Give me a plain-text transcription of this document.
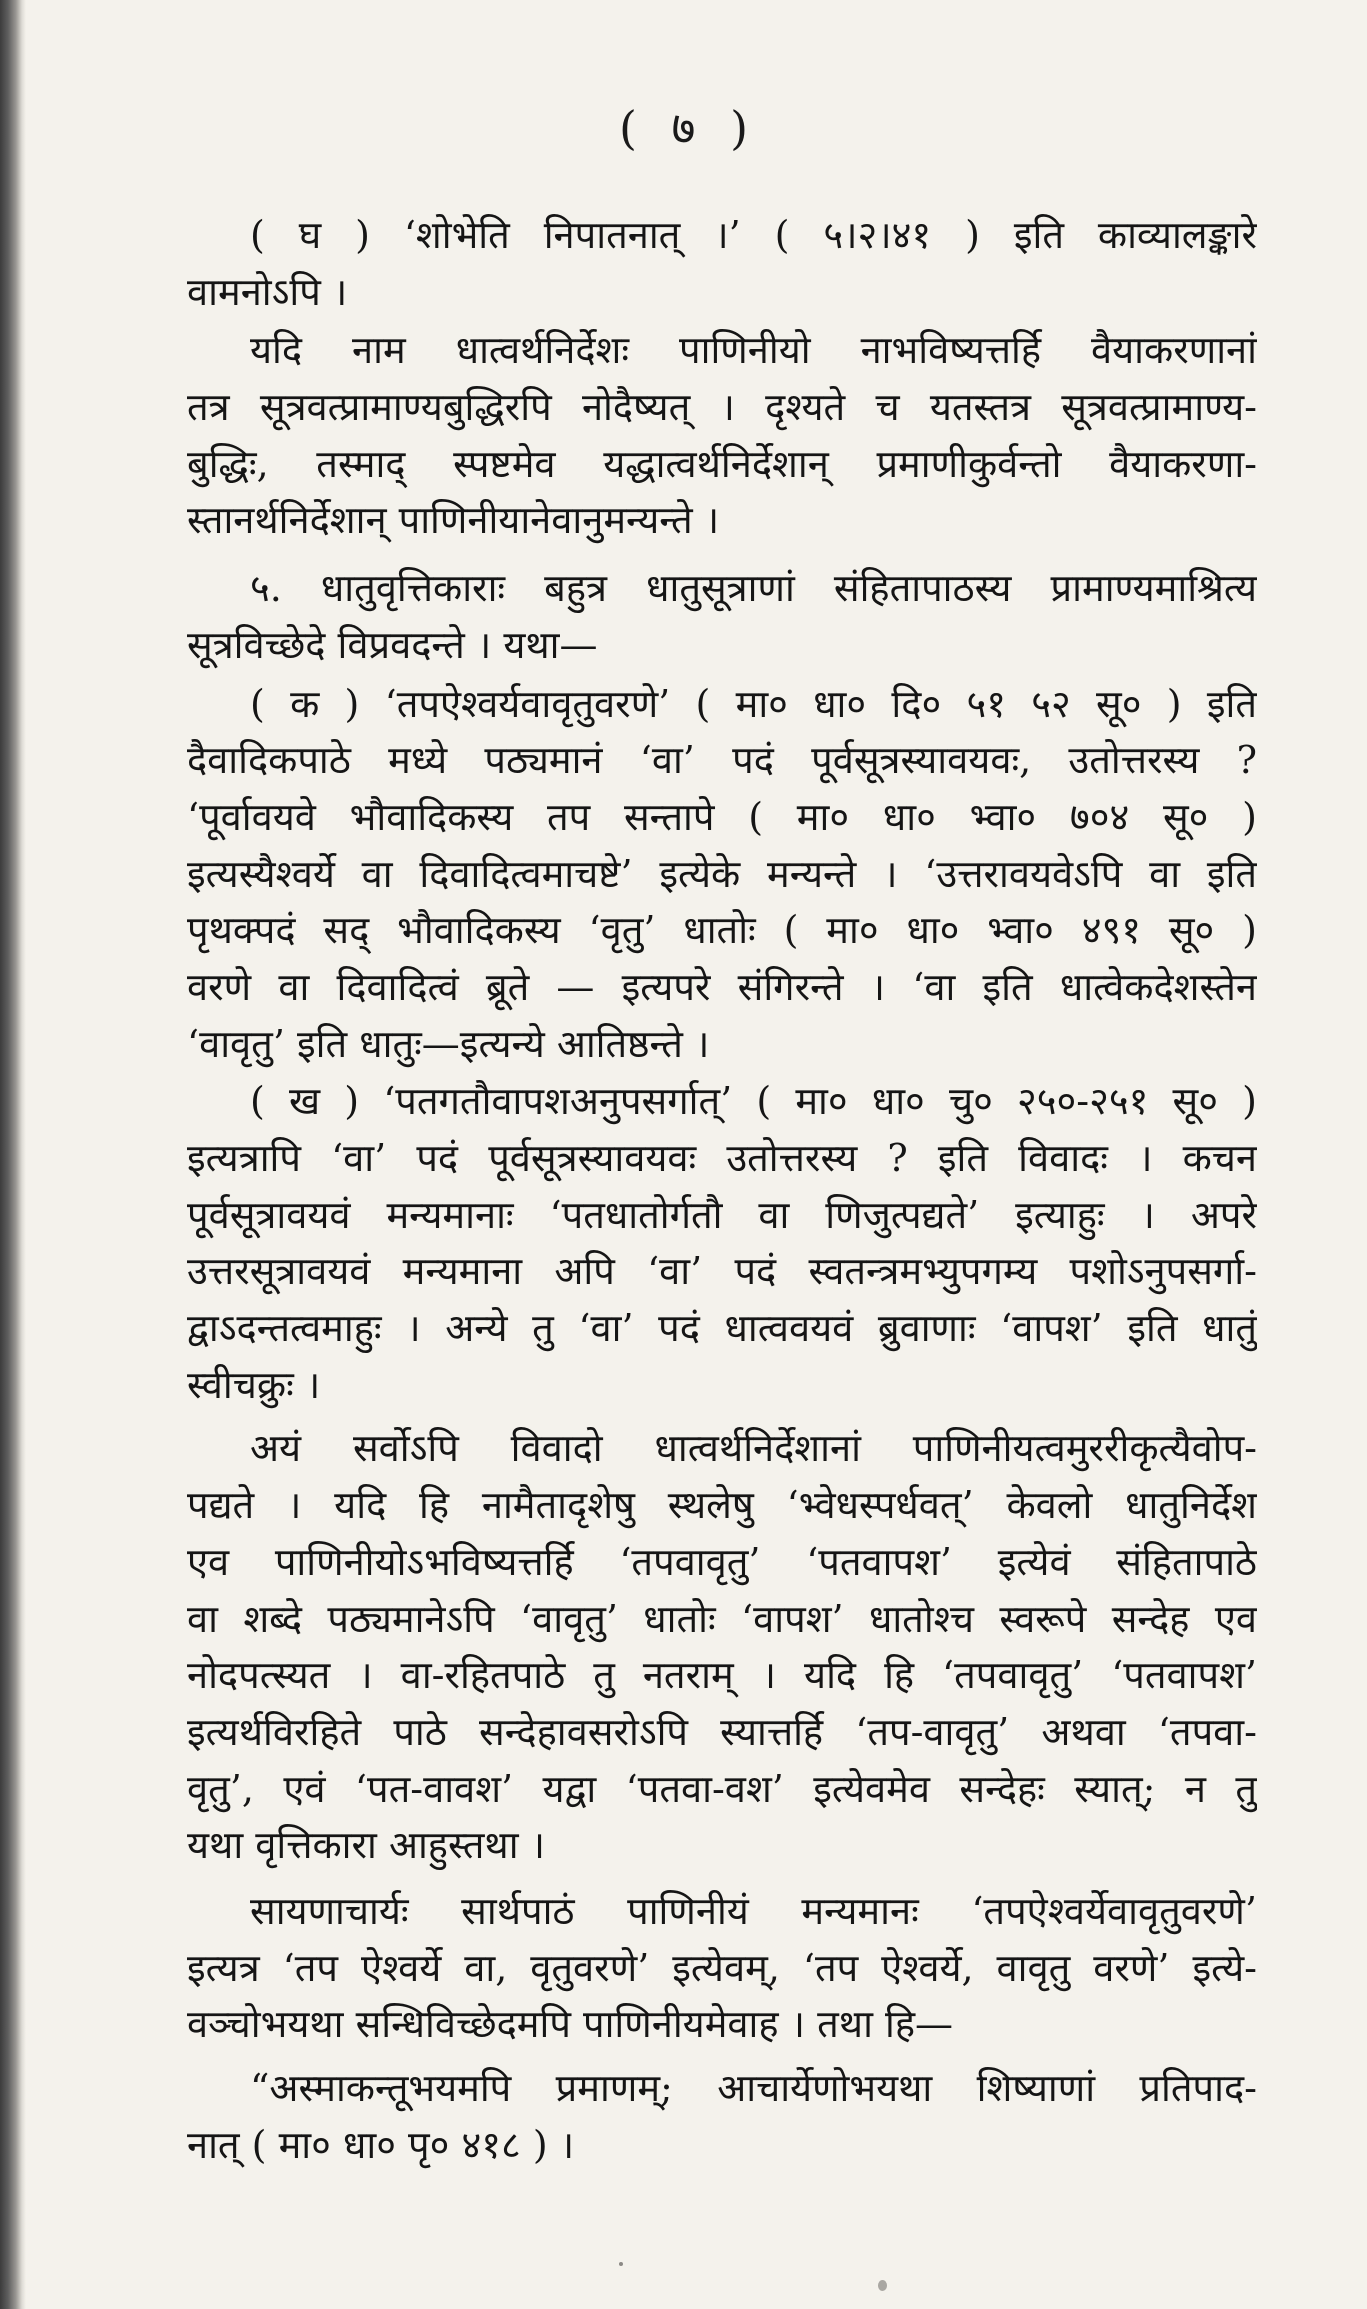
( ७ )
( घ ) ‘शोभेति निपातनात् ।’ ( ५।२।४१ ) इति काव्यालङ्कारे
वामनोऽपि ।
यदि नाम धात्वर्थनिर्देशः पाणिनीयो नाभविष्यत्तर्हि वैयाकरणानां
तत्र सूत्रवत्प्रामाण्यबुद्धिरपि नोदैष्यत् । दृश्यते च यतस्तत्र सूत्रवत्प्रामाण्य-
बुद्धिः, तस्माद् स्पष्टमेव यद्धात्वर्थनिर्देशान् प्रमाणीकुर्वन्तो वैयाकरणा-
स्तानर्थनिर्देशान् पाणिनीयानेवानुमन्यन्ते ।
५. धातुवृत्तिकाराः बहुत्र धातुसूत्राणां संहितापाठस्य प्रामाण्यमाश्रित्य
सूत्रविच्छेदे विप्रवदन्ते । यथा—
( क ) ‘तपऐश्वर्यवावृतुवरणे’ ( मा० धा० दि० ५१ ५२ सू० ) इति
दैवादिकपाठे मध्ये पठ्यमानं ‘वा’ पदं पूर्वसूत्रस्यावयवः, उतोत्तरस्य ?
‘पूर्वावयवे भौवादिकस्य तप सन्तापे ( मा० धा० भ्वा० ७०४ सू० )
इत्यस्यैश्वर्ये वा दिवादित्वमाचष्टे’ इत्येके मन्यन्ते । ‘उत्तरावयवेऽपि वा इति
पृथक्पदं सद् भौवादिकस्य ‘वृतु’ धातोः ( मा० धा० भ्वा० ४९१ सू० )
वरणे वा दिवादित्वं ब्रूते — इत्यपरे संगिरन्ते । ‘वा इति धात्वेकदेशस्तेन
‘वावृतु’ इति धातुः—इत्यन्ये आतिष्ठन्ते ।
( ख ) ‘पतगतौवापशअनुपसर्गात्’ ( मा० धा० चु० २५०-२५१ सू० )
इत्यत्रापि ‘वा’ पदं पूर्वसूत्रस्यावयवः उतोत्तरस्य ? इति विवादः । कचन
पूर्वसूत्रावयवं मन्यमानाः ‘पतधातोर्गतौ वा णिजुत्पद्यते’ इत्याहुः । अपरे
उत्तरसूत्रावयवं मन्यमाना अपि ‘वा’ पदं स्वतन्त्रमभ्युपगम्य पशोऽनुपसर्गा-
द्वाऽदन्तत्वमाहुः । अन्ये तु ‘वा’ पदं धात्ववयवं ब्रुवाणाः ‘वापश’ इति धातुं
स्वीचक्रुः ।
अयं सर्वोऽपि विवादो धात्वर्थनिर्देशानां पाणिनीयत्वमुररीकृत्यैवोप-
पद्यते । यदि हि नामैतादृशेषु स्थलेषु ‘भ्वेधस्पर्धवत्’ केवलो धातुनिर्देश
एव पाणिनीयोऽभविष्यत्तर्हि ‘तपवावृतु’ ‘पतवापश’ इत्येवं संहितापाठे
वा शब्दे पठ्यमानेऽपि ‘वावृतु’ धातोः ‘वापश’ धातोश्च स्वरूपे सन्देह एव
नोदपत्स्यत । वा-रहितपाठे तु नतराम् । यदि हि ‘तपवावृतु’ ‘पतवापश’
इत्यर्थविरहिते पाठे सन्देहावसरोऽपि स्यात्तर्हि ‘तप-वावृतु’ अथवा ‘तपवा-
वृतु’, एवं ‘पत-वावश’ यद्वा ‘पतवा-वश’ इत्येवमेव सन्देहः स्यात्; न तु
यथा वृत्तिकारा आहुस्तथा ।
सायणाचार्यः सार्थपाठं पाणिनीयं मन्यमानः ‘तपऐश्वर्येवावृतुवरणे’
इत्यत्र ‘तप ऐश्वर्ये वा, वृतुवरणे’ इत्येवम्, ‘तप ऐश्वर्ये, वावृतु वरणे’ इत्ये-
वञ्चोभयथा सन्धिविच्छेदमपि पाणिनीयमेवाह । तथा हि—
“अस्माकन्तूभयमपि प्रमाणम्; आचार्येणोभयथा शिष्याणां प्रतिपाद-
नात् ( मा० धा० पृ० ४१८ ) ।
